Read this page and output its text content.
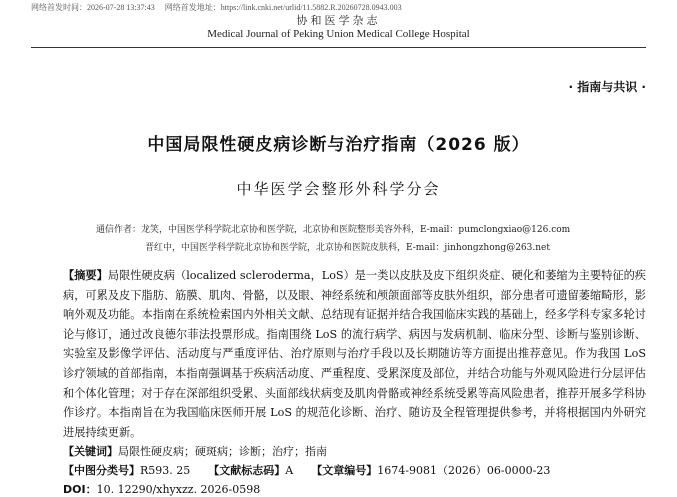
网络首发时间：2026-07-28 13:37:43 网络首发地址：https://link.cnki.net/urlid/11.5882.R.20260728.0943.003
协和医学杂志
Medical Journal of Peking Union Medical College Hospital
· 指南与共识 ·
中国局限性硬皮病诊断与治疗指南（2026 版）
中华医学会整形外科学分会
通信作者：龙笑，中国医学科学院北京协和医学院，北京协和医院整形美容外科，E-mail：pumclongxiao@126.com
晋红中，中国医学科学院北京协和医学院，北京协和医院皮肤科，E-mail：jinhongzhong@263.net
【摘要】局限性硬皮病（localized scleroderma，LoS）是一类以皮肤及皮下组织炎症、硬化和萎缩为主要特征的疾病，可累及皮下脂肪、筋膜、肌肉、骨骼，以及眼、神经系统和颅颌面部等皮肤外组织，部分患者可遗留萎缩畸形，影响外观及功能。本指南在系统检索国内外相关文献、总结现有证据并结合我国临床实践的基础上，经多学科专家多轮讨论与修订，通过改良德尔菲法投票形成。指南围绕 LoS 的流行病学、病因与发病机制、临床分型、诊断与鉴别诊断、实验室及影像学评估、活动度与严重度评估、治疗原则与治疗手段以及长期随访等方面提出推荐意见。作为我国 LoS 诊疗领域的首部指南，本指南强调基于疾病活动度、严重程度、受累深度及部位，并结合功能与外观风险进行分层评估和个体化管理；对于存在深部组织受累、头面部线状病变及肌肉骨骼或神经系统受累等高风险患者，推荐开展多学科协作诊疗。本指南旨在为我国临床医师开展 LoS 的规范化诊断、治疗、随访及全程管理提供参考，并将根据国内外研究进展持续更新。
【关键词】局限性硬皮病；硬斑病；诊断；治疗；指南
【中图分类号】R593. 25 【文献标志码】A 【文章编号】1674-9081（2026）06-0000-23
DOI：10. 12290/xhyxzz. 2026-0598
